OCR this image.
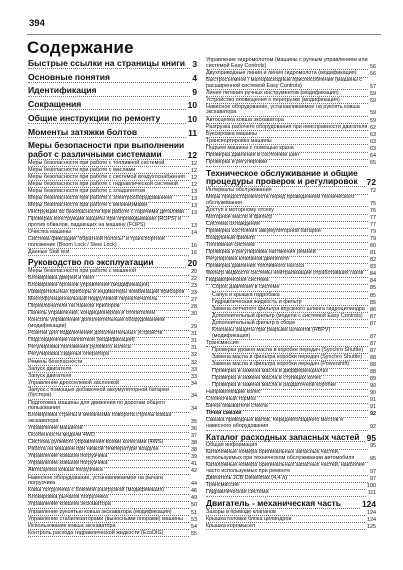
394
Содержание
Быстрые ссылки на страницы книги 3
Основные понятия	4
Идентификация	9
Сокращения	10
Общие инструкции по ремонту	10
Моменты затяжки болтов	11
Меры безопасности при выполнении работ с различными системами	12
Меры безопасности при работе с топливной системой	12
Меры безопасности при работе с маслами	12
Меры безопасности при работе с системой воздухоснабжения	12
Меры безопасности при работе с гидравлической системой	12
Меры безопасности при работе с хладагентом	13
Меры безопасности при работе с электрооборудованием	13
Меры безопасности при работе с механизмами	13
Инструкции по безопасности при работе с горячими деталями	13
Проверка конструкции защиты при опрокидывании (ROPS) и против обвалов, падающих на машину (FOPS)	13
Очистка машины	14
Система фиксации "обратной полосы" в транспортное положение (Boom Lock / Slew Lock)	16
Данные Stall test	16
Руководство по эксплуатации	20
Меры безопасности при работе с машиной	20
Блокировка дверей и окон	22
Блокировка органов управления (модификация)	23
Измерительные приборы и индикаторы комбинаций приборов	23
Многофункциональный подрулевой переключатель	27
Переключатели на панели приборов	28
Панель управления, кондиционером и отопителем	30
Консоль управления дополнительным оборудованием (модификации)	29
Розетки для подключения дополнительных устройств	31
Подсоединение наплитков (модификация)	31
Регулировка положения рулевого колеса	31
Регулировка сиденья оператора	32
Ремень безопасности	32
Запуск двигателя	33
Запуск двигателя	33
Управление дросселевой заслонкой	34
Запуск с помощью добавочной аккумуляторной батареи (бустера)	34
Подготовка машины для движения по дорогам общего пользования	34
Блокировка стрелы и механизма поворота стрелы ковша экскаватора	35
Управление машиной	36
Особенности модели 4WD	37
Система рулевого управления всеми колесами (4WS)	38
Работа на машине при низкой температуре воздуха	38
Управление ковшом погрузчика	39
Управление ковшом погрузчика	41
Автосцепка ковша погрузчика	42
Навесное оборудование, устанавливаемое на рычаги погрузчика	44
Ковш погрузчика с боковой разгрузкой (модификация)	46
Блокировка рычагов погрузчика	49
Управление ковшом экскаватора	50
Управление рукоятью ковша экскаватора (модификация)	51
Управление стабилизаторами (выносными опорами) машины	53
Использование ковша экскаватора	54
Контроль расхода гидравлической жидкости (EcoDIG)	55
Управление гидромолотом (машины с ручным управлением или системой Easy Controls)	56
Двухприводные линия и линия гидромолота (модификация)	56
Быстросъемное / малорасходные приспособления (машины с расширенной системой Easy Controls)	57
Линия питания ручных инструментов (модификация)	59
Устройство оповещения о перегрузке (модификация)	59
Навесное оборудование, устанавливаемое на рукоять ковша экскаватора	59
Автосцепка ковша экскаватора	59
Разгрузка рабочего оборудования при неисправности двигателя 62
Буксировка машины	63
Транспортировка машины	63
Подъем машины с помощью крана	63
Проверка давления в состоянии шин	64
Проверка и регулировки	65
Техническое обслуживание и общие процедуры проверок и регулировок	72
Интервалы обслуживания	72
Меры предосторожности перед проведением технического обслуживания	75
Доступ к моторному отсеку	76
Моторное масло и фильтр	77
Система охлаждения	77
Проверка состояния аккумуляторной батареи	79
Воздушный фильтр	79
Топливная система	80
Проверка и регулировка натяжения ремней	81
Регулировка клапанов двигателя	82
Проверка давления топливного насоса	83
Фильтр жидкости системы нейтрализации отработавших газов	84
Гидравлическая система	84
Сброс давления в системе	85
Сапун и крышка гидробака	85
Гидравлическая жидкость и фильтр	85
Замена сетчатого фильтра впускного шланга гидроцилиндра 86
Дополнительный фильтр (модели с системой Easy Controls)	87
Дополнительный фильтр в сборе	87
Клапаны защиты при разрыве шлангов (HBPV) (модификация)	87
Трансмиссия	87
Проверка уровня масла в коробке передач (Synchro Shuttle)	87
Замена масла и фильтра коробки передач (Synchro Shuttle)	88
Замена масла и фильтра коробки передач (Powershift)	88
Проверка и замена масла в дифференциалах	88
Проверка и замена масла в ступицах колес	89
Проверка и замена масла в раздаточной коробке	90
Направляющие колес	90
Стояночный тормоз	91
Бачок омывателя стекла	91
Точки смазки	92
Смазка приводных валов, переднего/заднего мостов и навесного оборудования	92
Каталог расходных запасных частей 95
Общая информация	95
Каталожные номера оригинальных запасных частей, используемых при техническом обслуживании автомобиля	95
Каталожные номера оригинальных запасных частей, наиболее часто используемых при ремонте	97
Двигатель JCB Dieselmax (4,4 л)	97
Трансмиссия	100
Гидравлическая система	111
Двигатель - механическая часть	124
Зазоры в приводе клапанов	124
Крышка головки блока цилиндров	124
Крышка коромысел	125
